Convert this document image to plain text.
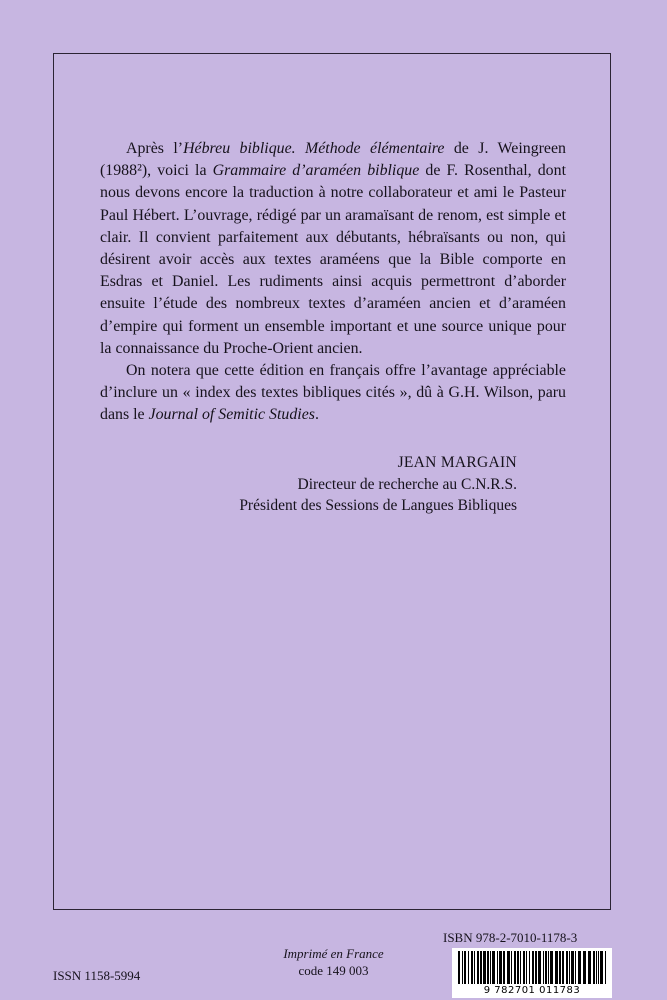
Après l’Hébreu biblique. Méthode élémentaire de J. Weingreen (1988²), voici la Grammaire d’araméen biblique de F. Rosenthal, dont nous devons encore la traduction à notre collaborateur et ami le Pasteur Paul Hébert. L’ouvrage, rédigé par un aramaïsant de renom, est simple et clair. Il convient parfaitement aux débutants, hébraïsants ou non, qui désirent avoir accès aux textes araméens que la Bible comporte en Esdras et Daniel. Les rudiments ainsi acquis permettront d’aborder ensuite l’étude des nombreux textes d’araméen ancien et d’araméen d’empire qui forment un ensemble important et une source unique pour la connaissance du Proche-Orient ancien.

On notera que cette édition en français offre l’avantage appréciable d’inclure un « index des textes bibliques cités », dû à G.H. Wilson, paru dans le Journal of Semitic Studies.

JEAN MARGAIN
Directeur de recherche au C.N.R.S.
Président des Sessions de Langues Bibliques
ISBN 978-2-7010-1178-3
ISSN 1158-5994
Imprimé en France
code 149 003
9 782701 011783
